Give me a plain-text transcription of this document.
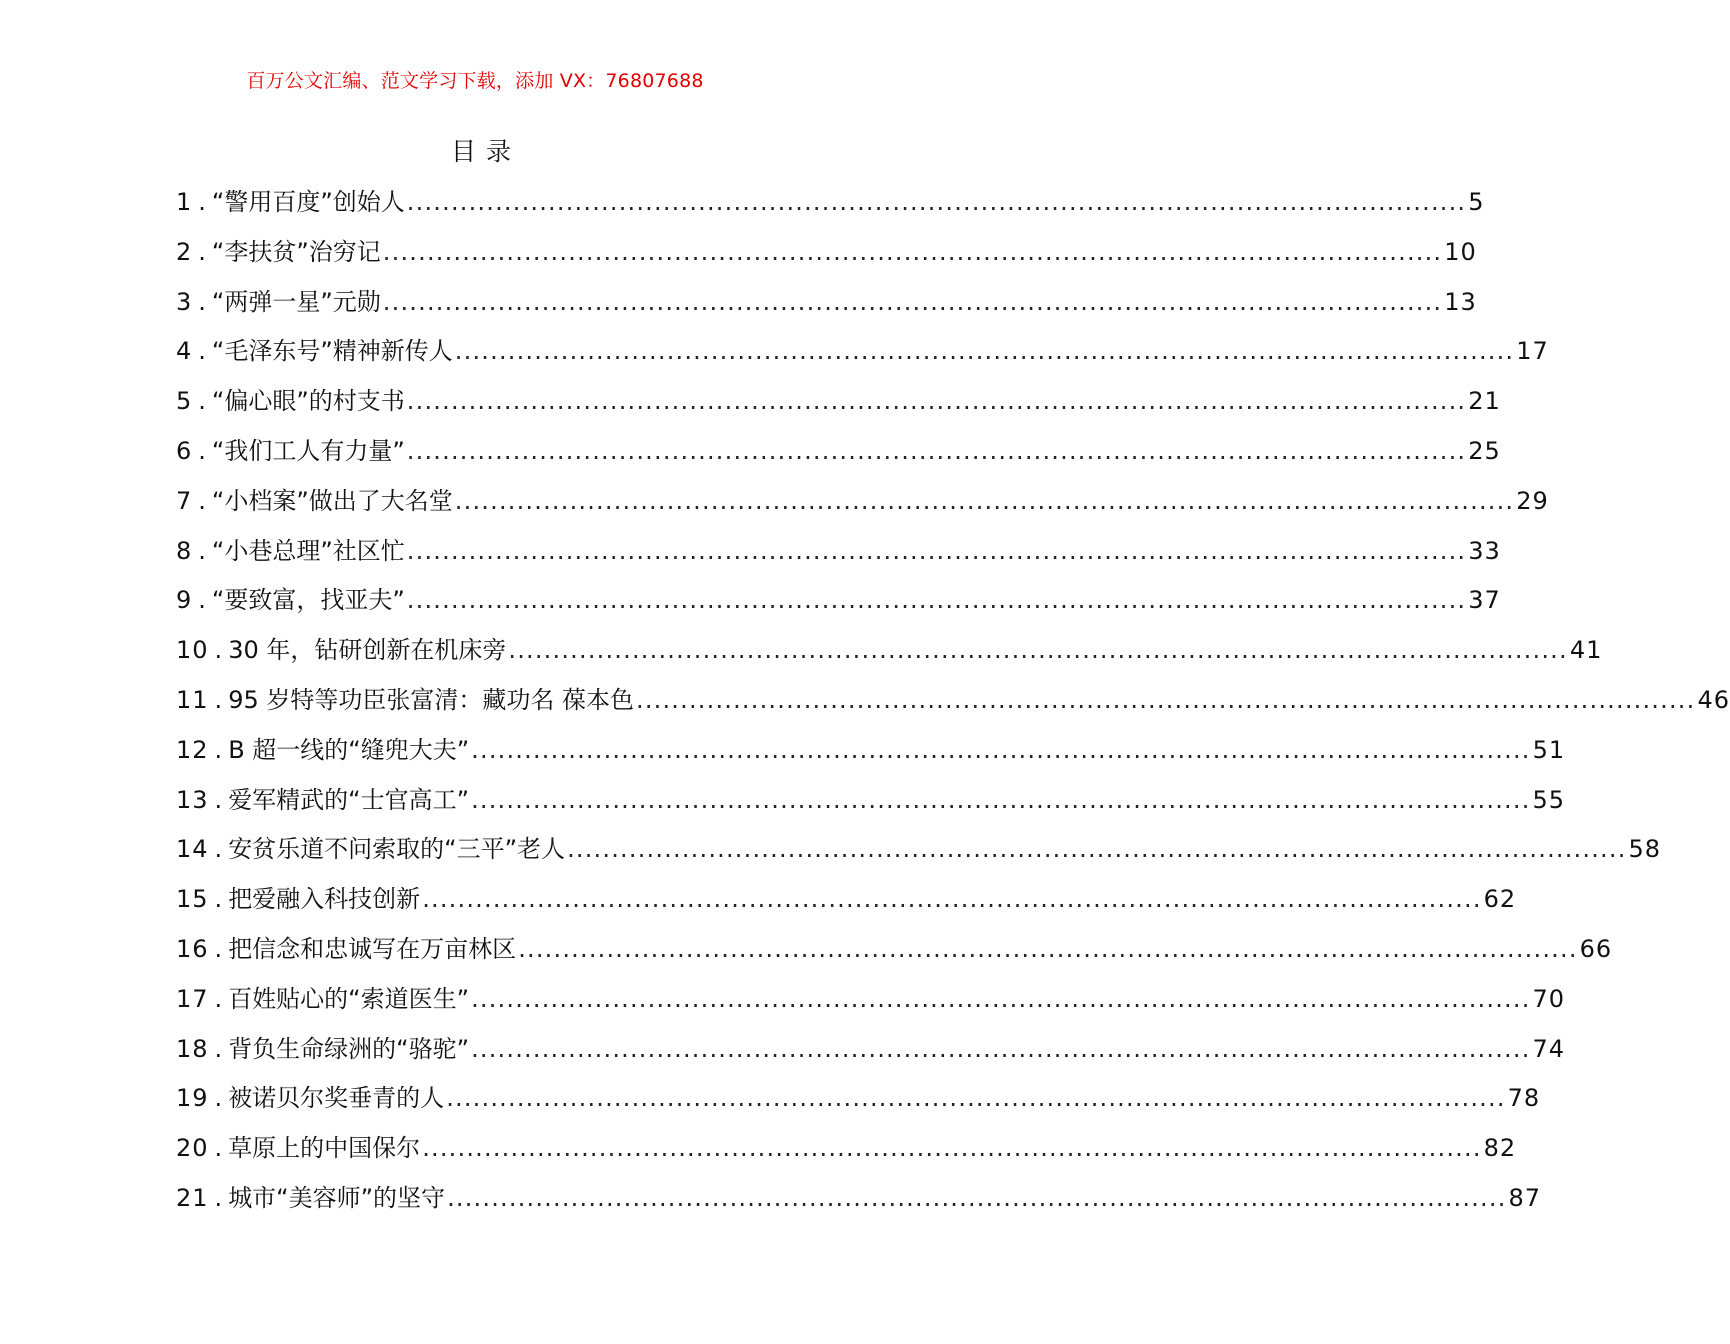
百万公文汇编、范文学习下载，添加 VX：76807688
目录
1 . “警用百度”创始人 ........................................................................................................................ 5
2 . “李扶贫”治穷记 ........................................................................................................................ 10
3 . “两弹一星”元勋 ........................................................................................................................ 13
4 . “毛泽东号”精神新传人 ........................................................................................................................ 17
5 . “偏心眼”的村支书 ........................................................................................................................ 21
6 . “我们工人有力量” ........................................................................................................................ 25
7 . “小档案”做出了大名堂 ........................................................................................................................ 29
8 . “小巷总理”社区忙 ........................................................................................................................ 33
9 . “要致富，找亚夫” ........................................................................................................................ 37
10 . 30 年，钻研创新在机床旁 ........................................................................................................................ 41
11 . 95 岁特等功臣张富清：藏功名 葆本色 ........................................................................................................................ 46
12 . B 超一线的“缝兜大夫” ........................................................................................................................ 51
13 . 爱军精武的“士官高工” ........................................................................................................................ 55
14 . 安贫乐道不问索取的“三平”老人 ........................................................................................................................ 58
15 . 把爱融入科技创新 ........................................................................................................................ 62
16 . 把信念和忠诚写在万亩林区 ........................................................................................................................ 66
17 . 百姓贴心的“索道医生” ........................................................................................................................ 70
18 . 背负生命绿洲的“骆驼” ........................................................................................................................ 74
19 . 被诺贝尔奖垂青的人 ........................................................................................................................ 78
20 . 草原上的中国保尔 ........................................................................................................................ 82
21 . 城市“美容师”的坚守 ........................................................................................................................ 87
